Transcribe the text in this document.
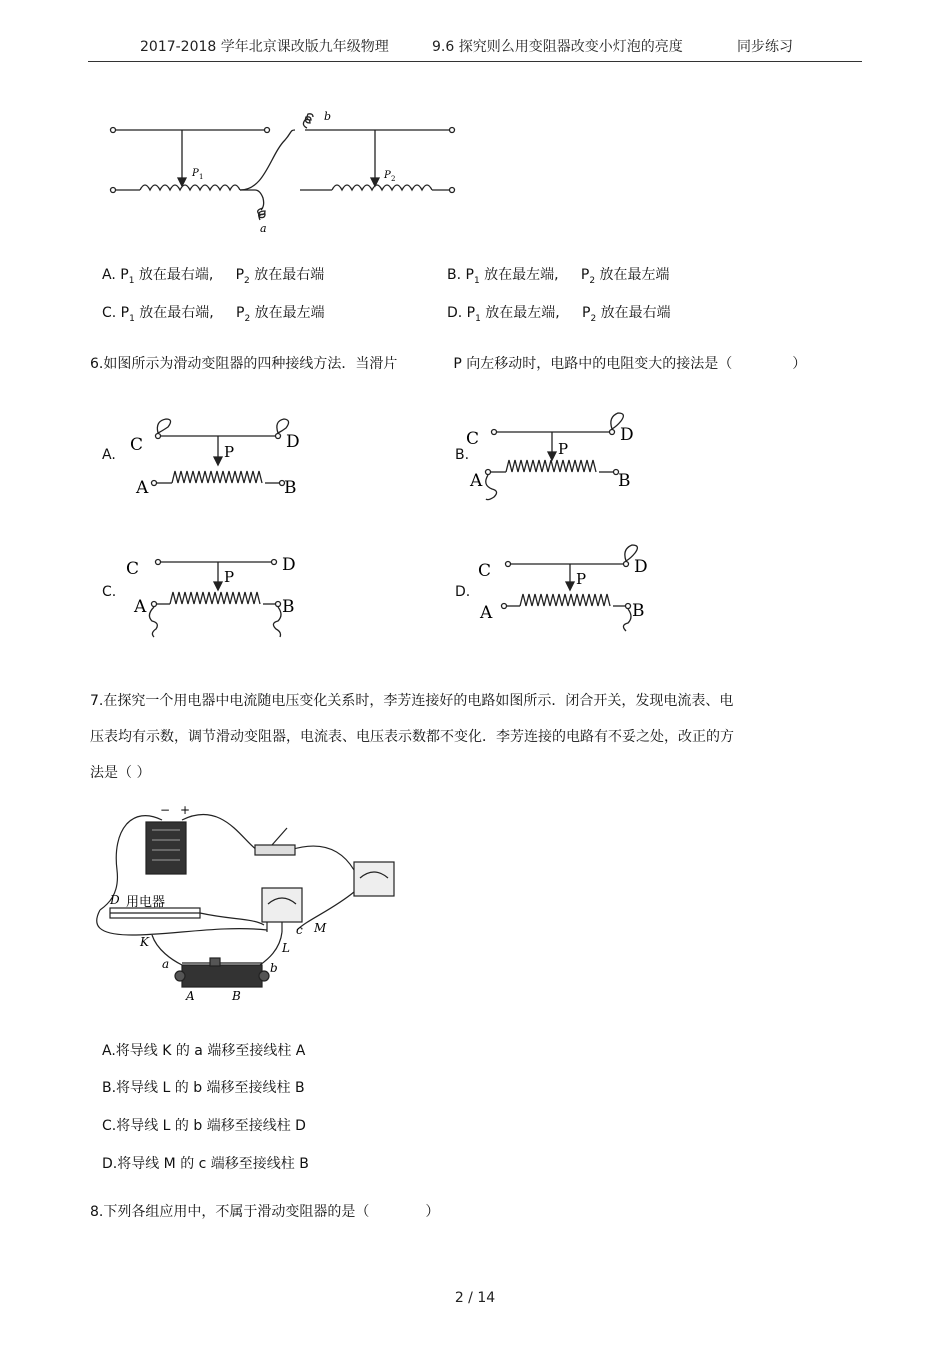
2017-2018 学年北京课改版九年级物理	9.6 探究则么用变阻器改变小灯泡的亮度	同步练习
b
a
P 1	P 2
A. $P_1$ 放在最右端, $P_2$ 放在最右端	B. $P_1$ 放在最左端, $P_2$ 放在最左端
C. $P_1$ 放在最右端, $P_2$ 放在最左端	D. $P_1$ 放在最左端, $P_2$ 放在最右端
6.如图所示为滑动变阻器的四种接线方法．当滑片	P 向左移动时，电路中的电阻变大的接法是（	）
A.	B.
C.	D.
C	D
P
A	B
C	D
P
A	B
C	D
P
A	B
C	D
P
A	B
7.在探究一个用电器中电流随电压变化关系时，李芳连接好的电路如图所示．闭合开关，发现电流表、电
压表均有示数，调节滑动变阻器，电流表、电压表示数都不变化．李芳连接的电路有不妥之处，改正的方
法是（ ）
− +
D 用电器
K
M
L
c
a	b
A	B
A.将导线 K 的 a 端移至接线柱 A
B.将导线 L 的 b 端移至接线柱 B
C.将导线 L 的 b 端移至接线柱 D
D.将导线 M 的 c 端移至接线柱 B
8.下列各组应用中，不属于滑动变阻器的是（	）
2 / 14
